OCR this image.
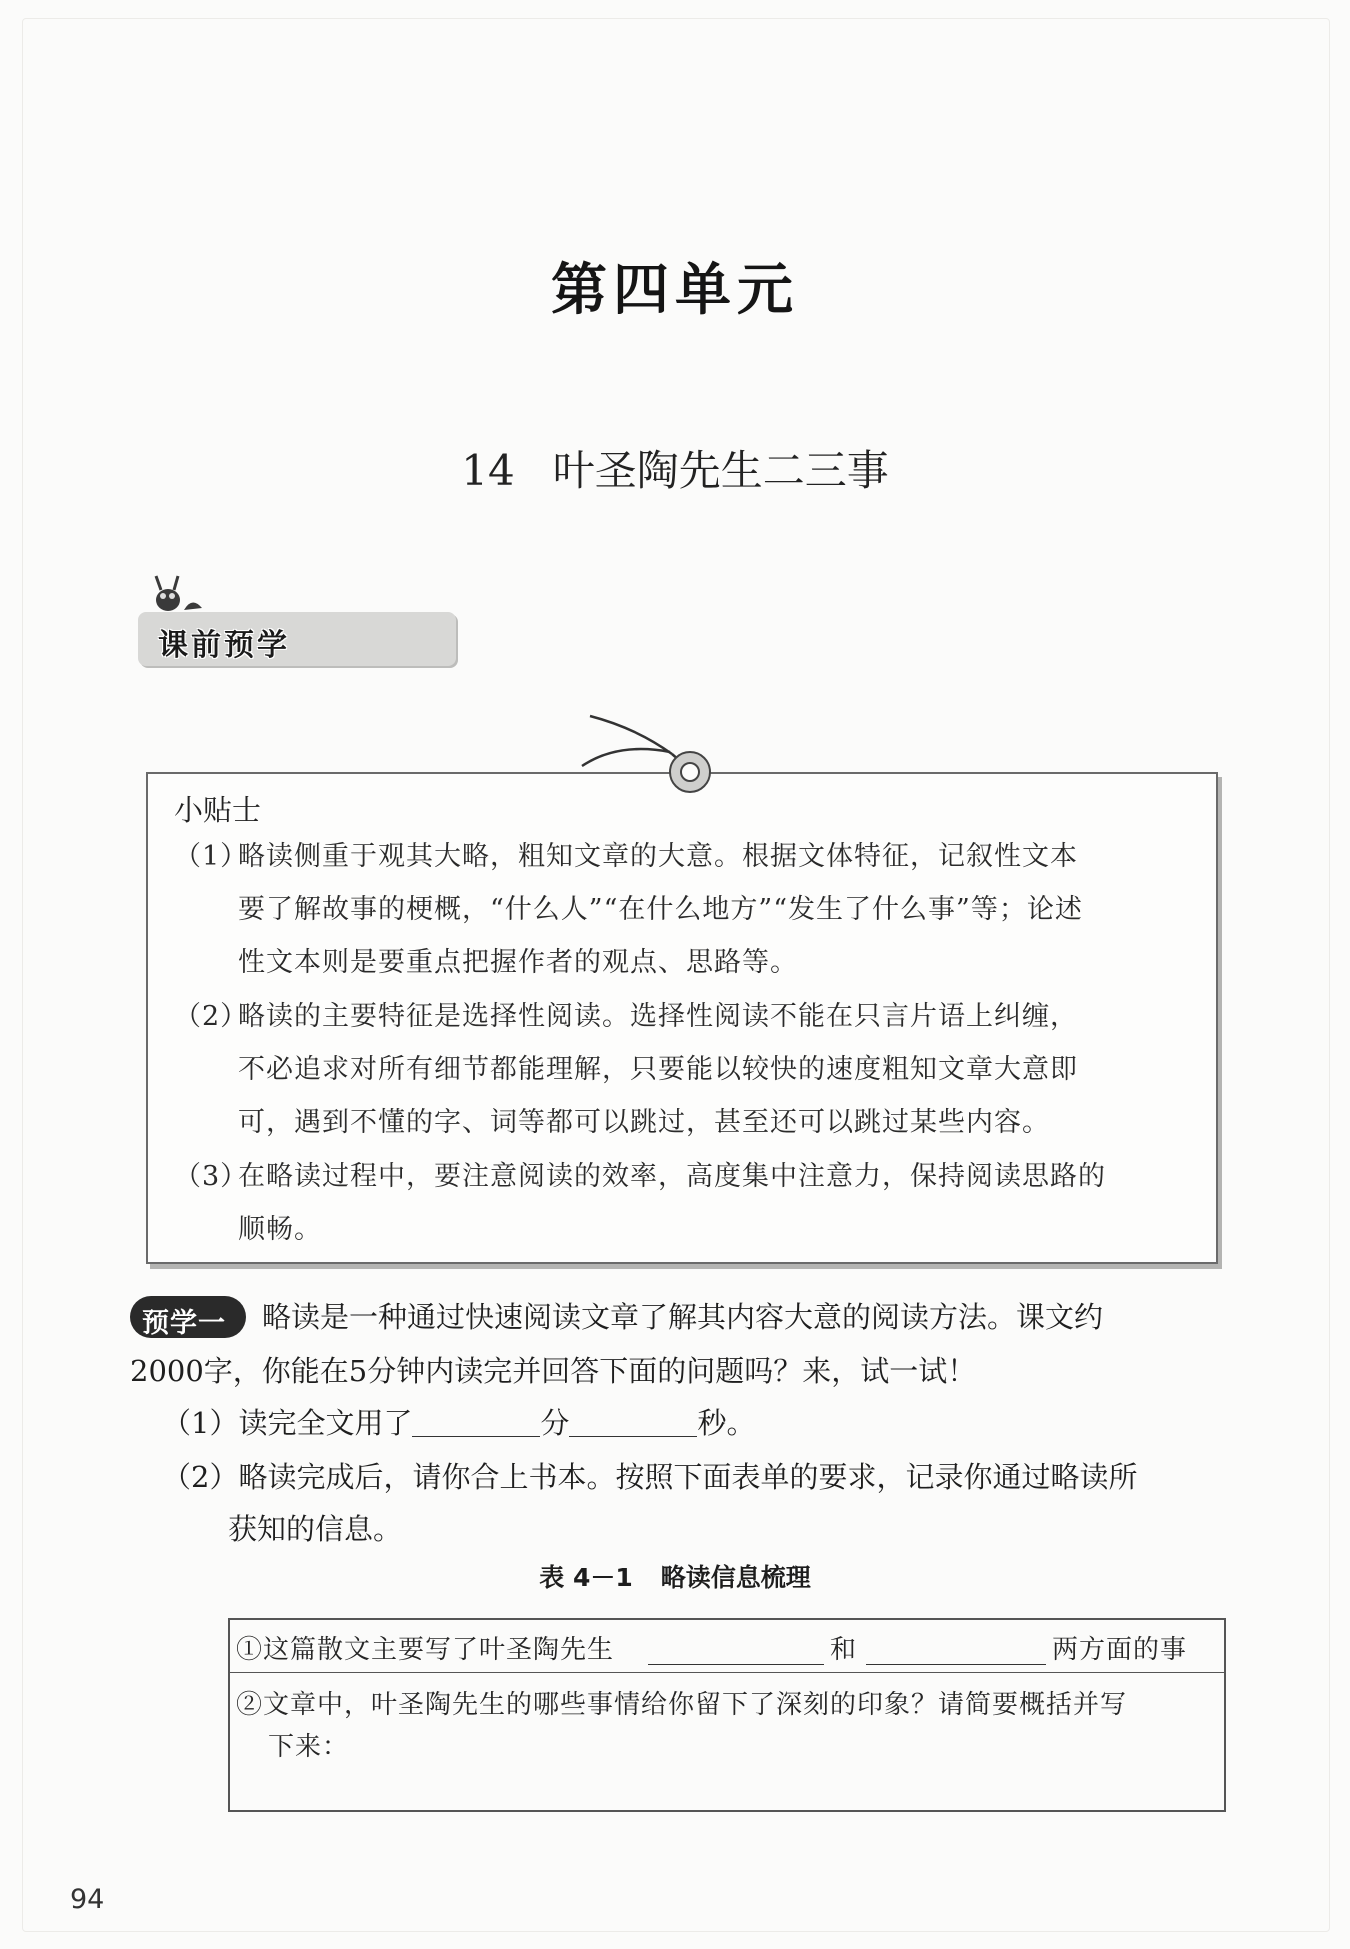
第四单元
14 叶圣陶先生二三事
课前预学
小贴士
（1）
略读侧重于观其大略，粗知文章的大意。根据文体特征，记叙性文本
要了解故事的梗概，“什么人”“在什么地方”“发生了什么事”等；论述
性文本则是要重点把握作者的观点、思路等。
（2）
略读的主要特征是选择性阅读。选择性阅读不能在只言片语上纠缠，
不必追求对所有细节都能理解，只要能以较快的速度粗知文章大意即
可，遇到不懂的字、词等都可以跳过，甚至还可以跳过某些内容。
（3）
在略读过程中，要注意阅读的效率，高度集中注意力，保持阅读思路的
顺畅。
预学一 略读是一种通过快速阅读文章了解其内容大意的阅读方法。课文约
2000字，你能在5分钟内读完并回答下面的问题吗？来，试一试！
（1）读完全文用了	分	秒。
（2）略读完成后，请你合上书本。按照下面表单的要求，记录你通过略读所
获知的信息。
表 4－1 略读信息梳理
①这篇散文主要写了叶圣陶先生	和	两方面的事
②文章中，叶圣陶先生的哪些事情给你留下了深刻的印象？请简要概括并写
下来：
94
